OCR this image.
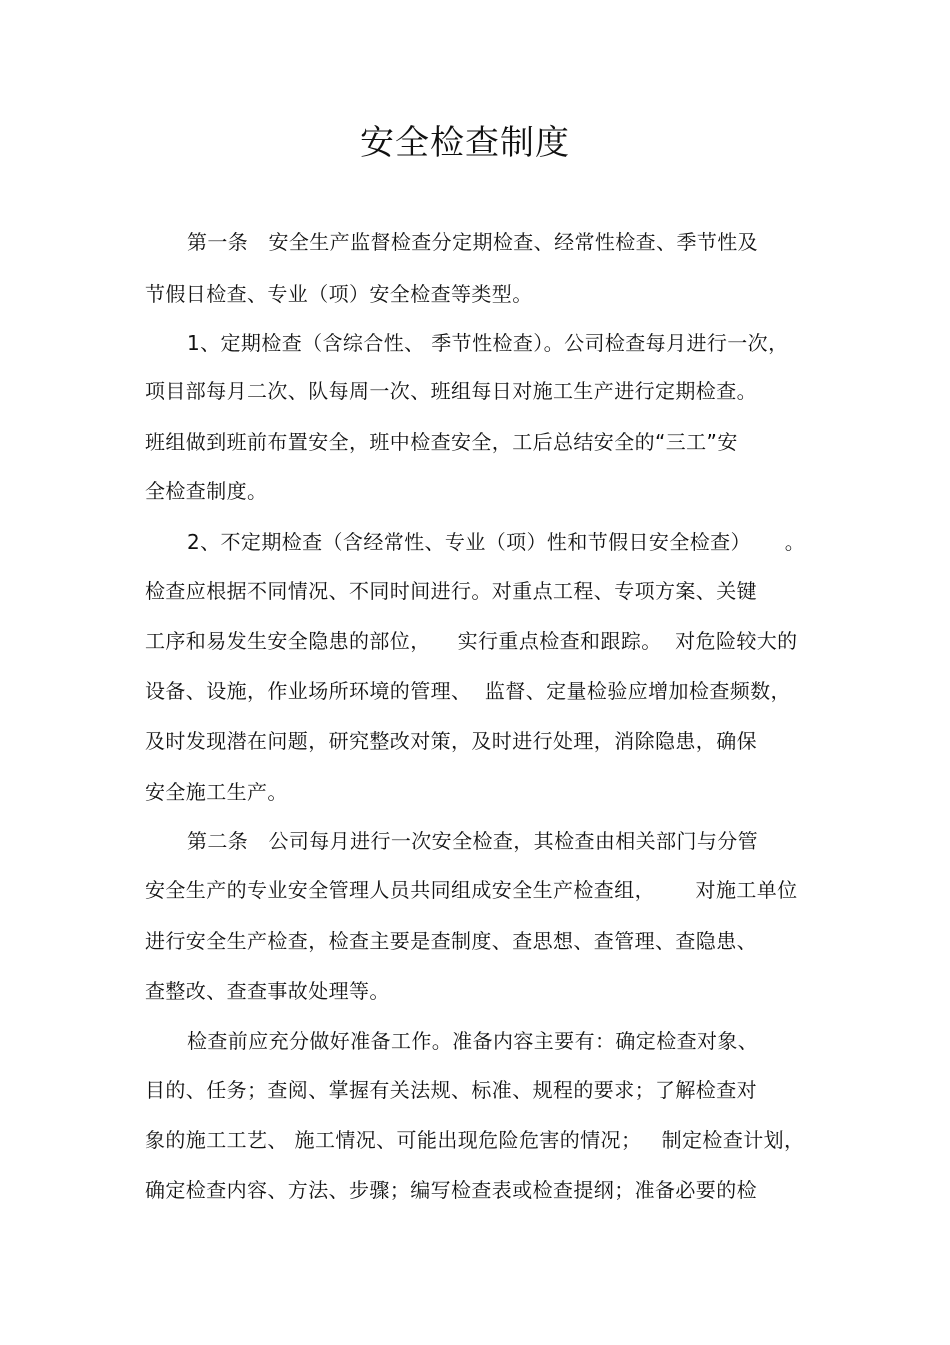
安全检查制度
第一条   安全生产监督检查分定期检查、经常性检查、季节性及
节假日检查、专业（项）安全检查等类型。
1、定期检查（含综合性、 季节性检查）。公司检查每月进行一次，
项目部每月二次、队每周一次、班组每日对施工生产进行定期检查。
班组做到班前布置安全，班中检查安全，工后总结安全的“三工”安
全检查制度。
2、不定期检查（含经常性、专业（项）性和节假日安全检查）     。
检查应根据不同情况、不同时间进行。对重点工程、专项方案、关键
工序和易发生安全隐患的部位，    实行重点检查和跟踪。  对危险较大的
设备、设施，作业场所环境的管理、  监督、定量检验应增加检查频数，
及时发现潜在问题，研究整改对策，及时进行处理，消除隐患，确保
安全施工生产。
第二条   公司每月进行一次安全检查，其检查由相关部门与分管
安全生产的专业安全管理人员共同组成安全生产检查组，      对施工单位
进行安全生产检查，检查主要是查制度、查思想、查管理、查隐患、
查整改、查查事故处理等。
检查前应充分做好准备工作。准备内容主要有：确定检查对象、
目的、任务；查阅、掌握有关法规、标准、规程的要求；了解检查对
象的施工工艺、 施工情况、可能出现危险危害的情况；   制定检查计划，
确定检查内容、方法、步骤；编写检查表或检查提纲；准备必要的检
